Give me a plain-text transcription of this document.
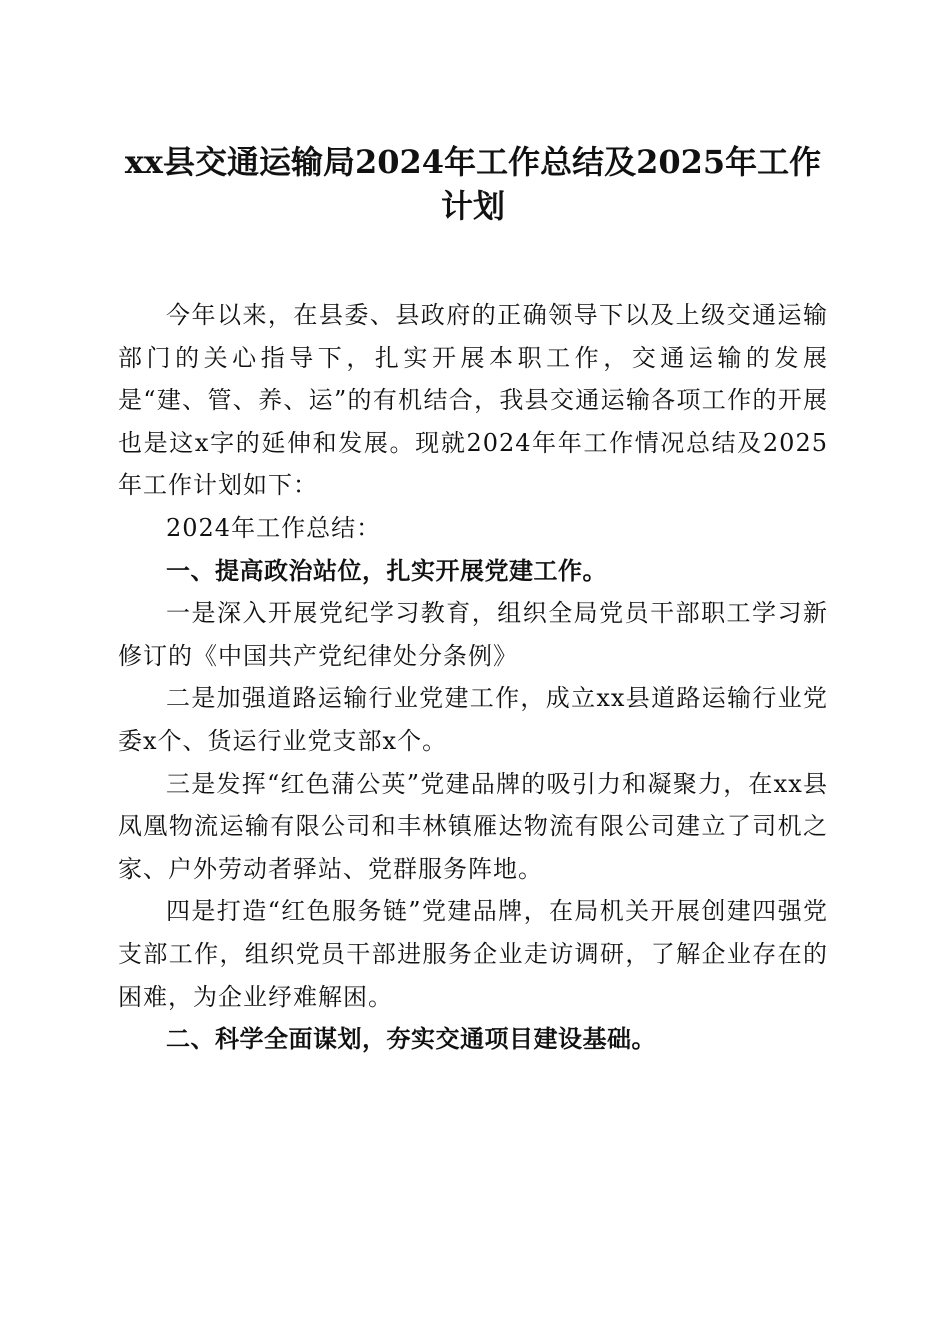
xx县交通运输局2024年工作总结及2025年工作计划

今年以来，在县委、县政府的正确领导下以及上级交通运输部门的关心指导下，扎实开展本职工作，交通运输的发展是“建、管、养、运”的有机结合，我县交通运输各项工作的开展也是这x字的延伸和发展。现就2024年年工作情况总结及2025年工作计划如下：

2024年工作总结：

一、提高政治站位，扎实开展党建工作。

一是深入开展党纪学习教育，组织全局党员干部职工学习新修订的《中国共产党纪律处分条例》

二是加强道路运输行业党建工作，成立xx县道路运输行业党委x个、货运行业党支部x个。

三是发挥“红色蒲公英”党建品牌的吸引力和凝聚力，在xx县凤凰物流运输有限公司和丰林镇雁达物流有限公司建立了司机之家、户外劳动者驿站、党群服务阵地。

四是打造“红色服务链”党建品牌，在局机关开展创建四强党支部工作，组织党员干部进服务企业走访调研，了解企业存在的困难，为企业纾难解困。

二、科学全面谋划，夯实交通项目建设基础。
